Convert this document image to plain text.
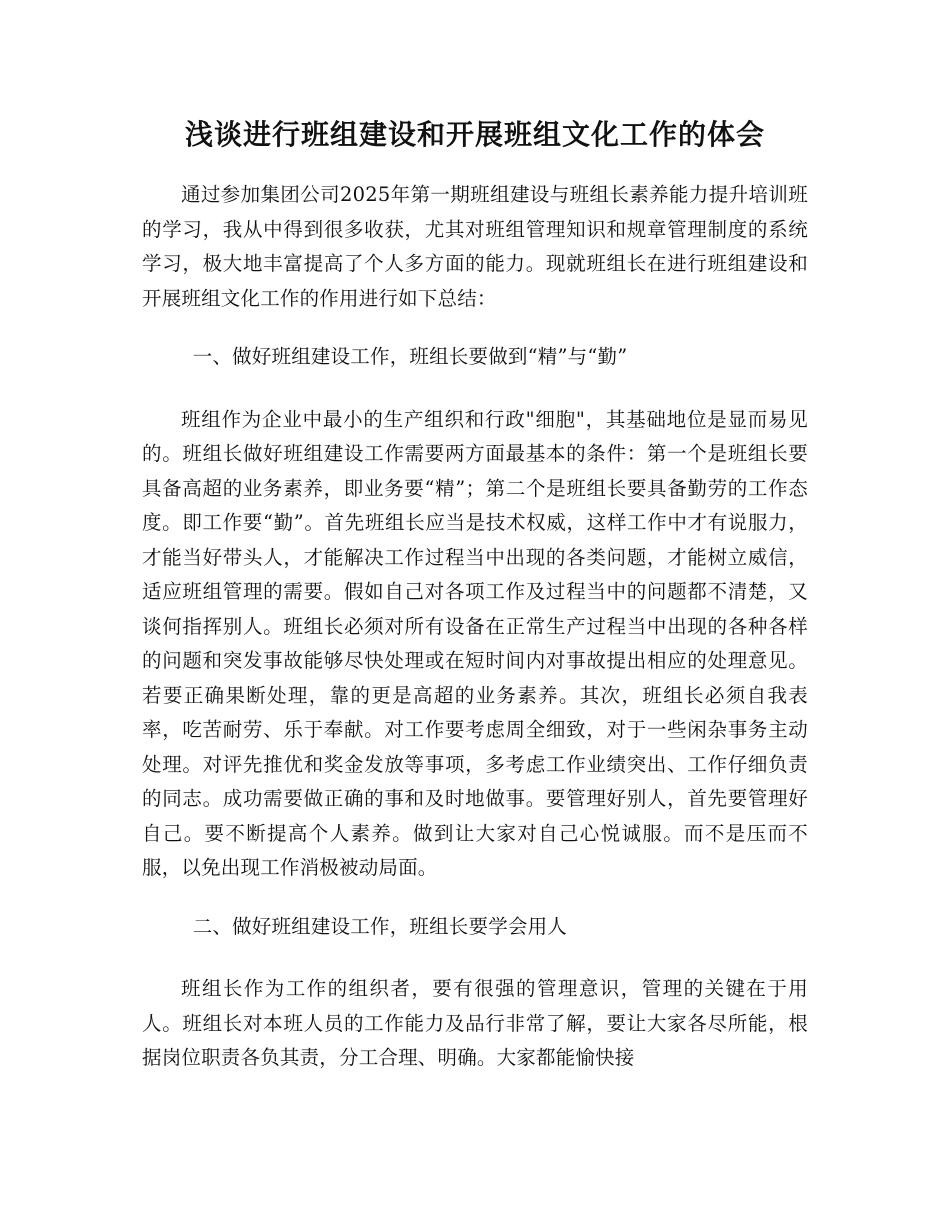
浅谈进行班组建设和开展班组文化工作的体会

通过参加集团公司2025年第一期班组建设与班组长素养能力提升培训班的学习，我从中得到很多收获，尤其对班组管理知识和规章管理制度的系统学习，极大地丰富提高了个人多方面的能力。现就班组长在进行班组建设和开展班组文化工作的作用进行如下总结：

一、做好班组建设工作，班组长要做到“精”与“勤”

班组作为企业中最小的生产组织和行政"细胞"，其基础地位是显而易见的。班组长做好班组建设工作需要两方面最基本的条件：第一个是班组长要具备高超的业务素养，即业务要“精”；第二个是班组长要具备勤劳的工作态度。即工作要“勤”。首先班组长应当是技术权威，这样工作中才有说服力，才能当好带头人，才能解决工作过程当中出现的各类问题，才能树立威信，适应班组管理的需要。假如自己对各项工作及过程当中的问题都不清楚，又谈何指挥别人。班组长必须对所有设备在正常生产过程当中出现的各种各样的问题和突发事故能够尽快处理或在短时间内对事故提出相应的处理意见。若要正确果断处理，靠的更是高超的业务素养。其次，班组长必须自我表率，吃苦耐劳、乐于奉献。对工作要考虑周全细致，对于一些闲杂事务主动处理。对评先推优和奖金发放等事项，多考虑工作业绩突出、工作仔细负责的同志。成功需要做正确的事和及时地做事。要管理好别人，首先要管理好自己。要不断提高个人素养。做到让大家对自己心悦诚服。而不是压而不服，以免出现工作消极被动局面。

二、做好班组建设工作，班组长要学会用人

班组长作为工作的组织者，要有很强的管理意识，管理的关键在于用人。班组长对本班人员的工作能力及品行非常了解，要让大家各尽所能，根据岗位职责各负其责，分工合理、明确。大家都能愉快接
